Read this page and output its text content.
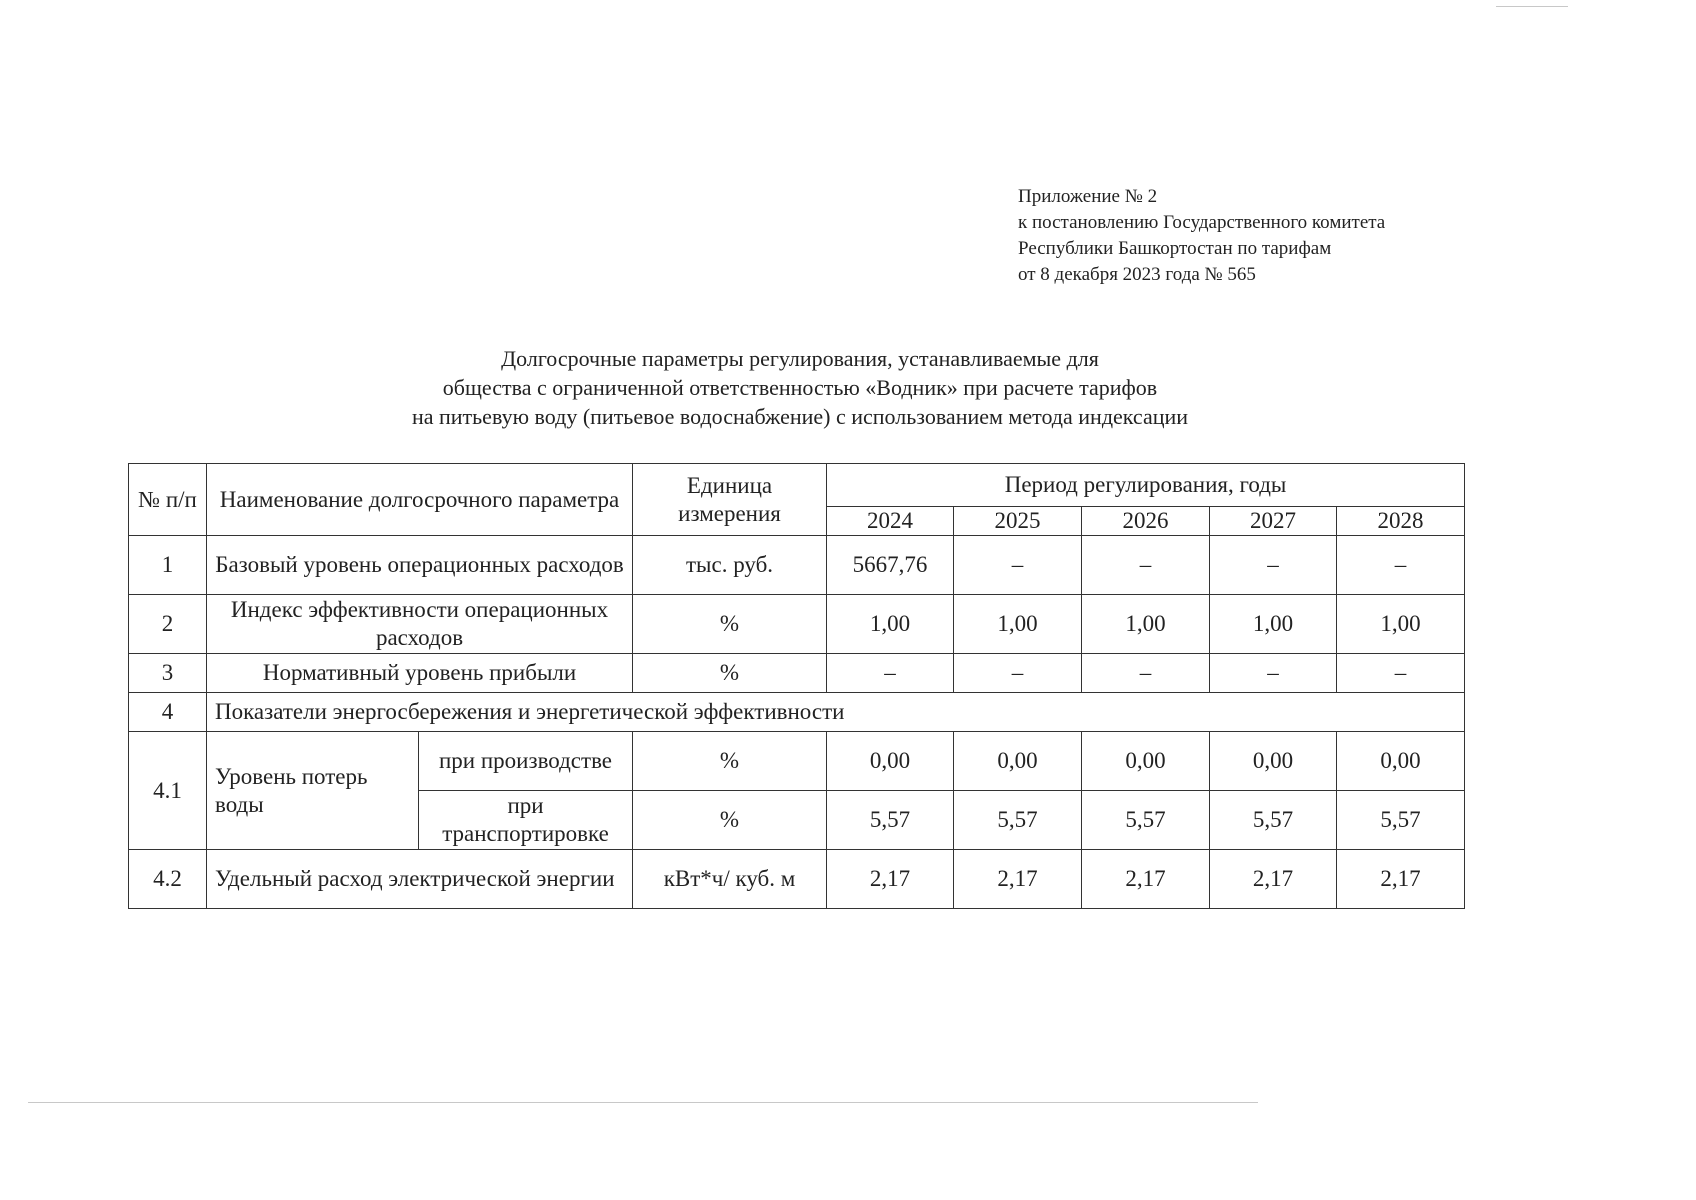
Приложение № 2
к постановлению Государственного комитета
Республики Башкортостан по тарифам
от 8 декабря 2023 года № 565
Долгосрочные параметры регулирования, устанавливаемые для
общества с ограниченной ответственностью «Водник» при расчете тарифов
на питьевую воду (питьевое водоснабжение) с использованием метода индексации
№ п/п	Наименование долгосрочного параметра		Единица измерения	Период регулирования, годы				
				2024	2025	2026	2027	2028
1	Базовый уровень операционных расходов		тыс. руб.	5667,76	–	–	–	–
2	Индекс эффективности операционных расходов		%	1,00	1,00	1,00	1,00	1,00
3	Нормативный уровень прибыли		%	–	–	–	–	–
4	Показатели энергосбережения и энергетической эффективности							
4.1	Уровень потерь воды	при производстве	%	0,00	0,00	0,00	0,00	0,00
		при транспортировке	%	5,57	5,57	5,57	5,57	5,57
4.2	Удельный расход электрической энергии		кВт*ч/ куб. м	2,17	2,17	2,17	2,17	2,17
